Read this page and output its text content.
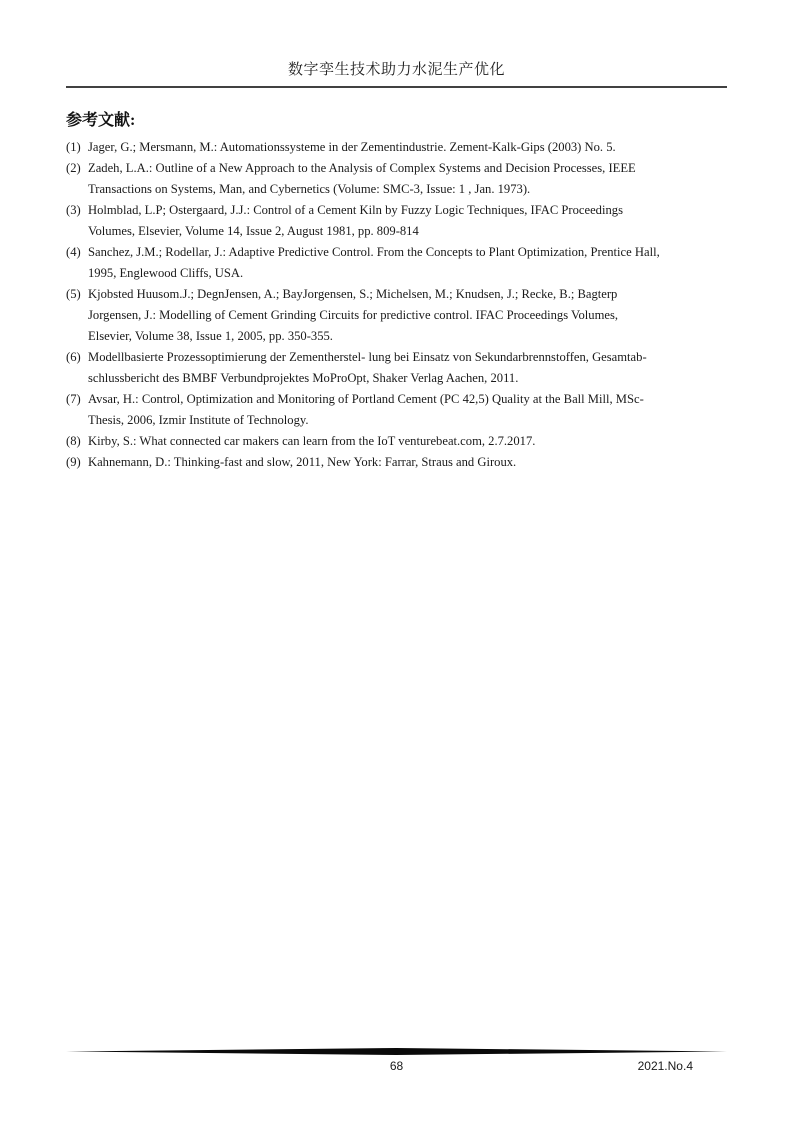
数字孪生技术助力水泥生产优化
参考文献:
(1) Jager, G.; Mersmann, M.: Automationssysteme in der Zementindustrie. Zement-Kalk-Gips (2003) No. 5.
(2) Zadeh, L.A.: Outline of a New Approach to the Analysis of Complex Systems and Decision Processes, IEEE
Transactions on Systems, Man, and Cybernetics (Volume: SMC-3, Issue: 1 , Jan. 1973).
(3) Holmblad, L.P; Ostergaard, J.J.: Control of a Cement Kiln by Fuzzy Logic Techniques, IFAC Proceedings
Volumes, Elsevier, Volume 14, Issue 2, August 1981, pp. 809-814
(4) Sanchez, J.M.; Rodellar, J.: Adaptive Predictive Control. From the Concepts to Plant Optimization, Prentice Hall,
1995, Englewood Cliffs, USA.
(5) Kjobsted Huusom.J.; DegnJensen, A.; BayJorgensen, S.; Michelsen, M.; Knudsen, J.; Recke, B.; Bagterp
Jorgensen, J.: Modelling of Cement Grinding Circuits for predictive control. IFAC Proceedings Volumes,
Elsevier, Volume 38, Issue 1, 2005, pp. 350-355.
(6) Modellbasierte Prozessoptimierung der Zementherstel- lung bei Einsatz von Sekundarbrennstoffen, Gesamtab-
schlussbericht des BMBF Verbundprojektes MoProOpt, Shaker Verlag Aachen, 2011.
(7) Avsar, H.: Control, Optimization and Monitoring of Portland Cement (PC 42,5) Quality at the Ball Mill, MSc-
Thesis, 2006, Izmir Institute of Technology.
(8) Kirby, S.: What connected car makers can learn from the IoT venturebeat.com, 2.7.2017.
(9) Kahnemann, D.: Thinking-fast and slow, 2011, New York: Farrar, Straus and Giroux.
68	2021.No.4
